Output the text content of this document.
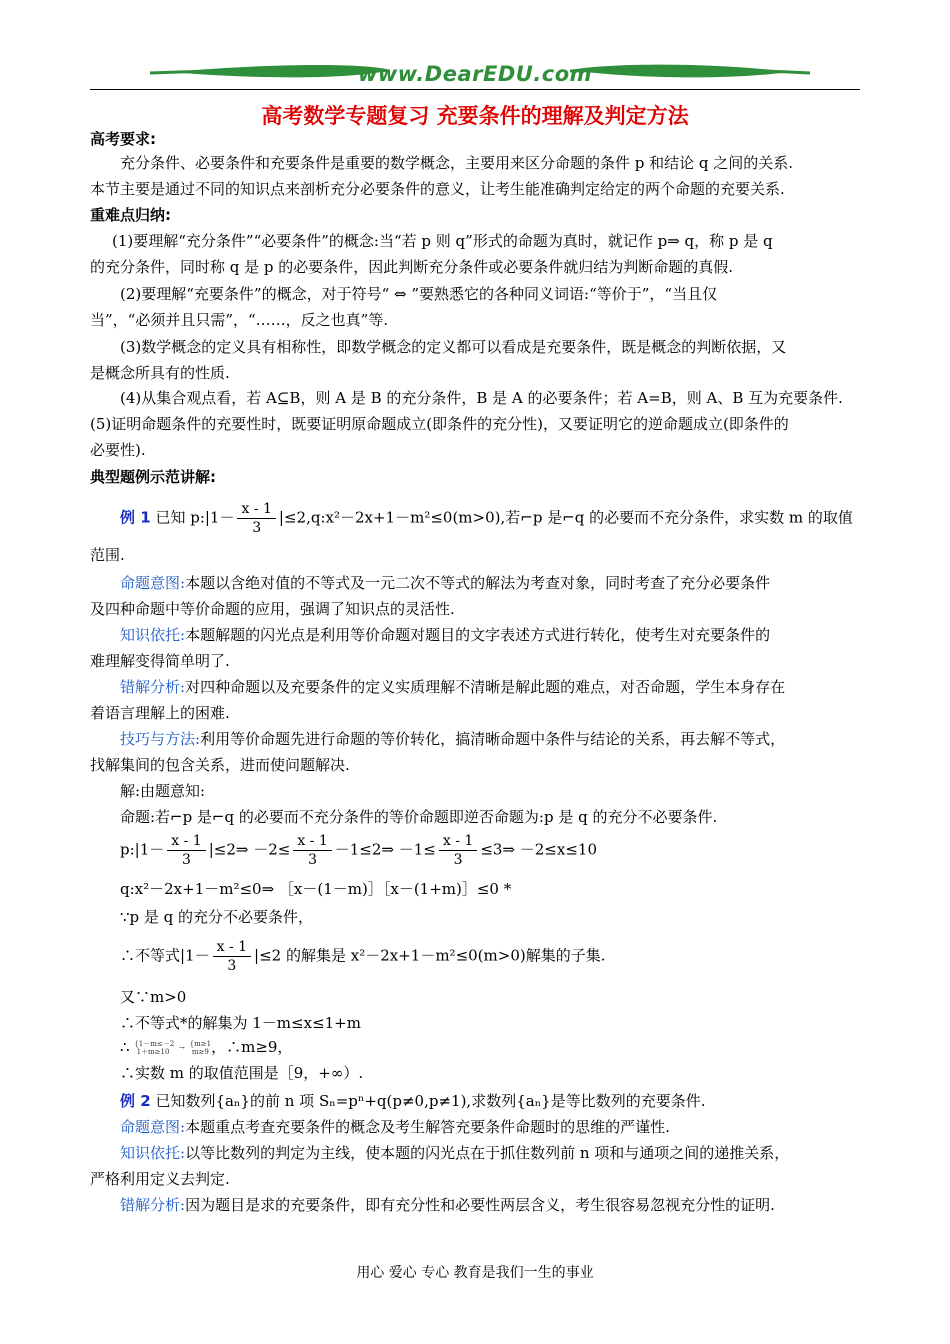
www.DearEDU.com
高考数学专题复习 充要条件的理解及判定方法
高考要求:
充分条件、必要条件和充要条件是重要的数学概念，主要用来区分命题的条件 p 和结论 q 之间的关系.
本节主要是通过不同的知识点来剖析充分必要条件的意义，让考生能准确判定给定的两个命题的充要关系.
重难点归纳:
(1)要理解“充分条件”“必要条件”的概念:当“若 p 则 q”形式的命题为真时，就记作 p⇒ q，称 p 是 q
的充分条件，同时称 q 是 p 的必要条件，因此判断充分条件或必要条件就归结为判断命题的真假.
(2)要理解“充要条件”的概念，对于符号“ ⇔ ”要熟悉它的各种同义词语:“等价于”，“当且仅
当”，“必须并且只需”，“……，反之也真”等.
(3)数学概念的定义具有相称性，即数学概念的定义都可以看成是充要条件，既是概念的判断依据，又
是概念所具有的性质.
(4)从集合观点看，若 A⊆B，则 A 是 B 的充分条件，B 是 A 的必要条件；若 A=B，则 A、B 互为充要条件.
(5)证明命题条件的充要性时，既要证明原命题成立(即条件的充分性)，又要证明它的逆命题成立(即条件的
必要性).
典型题例示范讲解:
例 1 已知 p:|1－ $\frac{x - 1}{3}$ |≤2,q:x²－2x+1－m²≤0(m>0),若⌐p 是⌐q 的必要而不充分条件，求实数 m 的取值
范围.
命题意图:本题以含绝对值的不等式及一元二次不等式的解法为考查对象，同时考查了充分必要条件
及四种命题中等价命题的应用，强调了知识点的灵活性.
知识依托:本题解题的闪光点是利用等价命题对题目的文字表述方式进行转化，使考生对充要条件的
难理解变得简单明了.
错解分析:对四种命题以及充要条件的定义实质理解不清晰是解此题的难点，对否命题，学生本身存在
着语言理解上的困难.
技巧与方法:利用等价命题先进行命题的等价转化，搞清晰命题中条件与结论的关系，再去解不等式，
找解集间的包含关系，进而使问题解决.
解:由题意知:
命题:若⌐p 是⌐q 的必要而不充分条件的等价命题即逆否命题为:p 是 q 的充分不必要条件.
p:|1－ $\frac{x - 1}{3}$ |≤2⇒ $-2\le \frac{x - 1}{3}$ －1≤2⇒ $-1\le \frac{x - 1}{3}$ ≤3⇒ －2≤x≤10
q:x²－2x+1－m²≤0⇒ ［x－(1－m)］［x－(1+m)］≤0 *
∵p 是 q 的充分不必要条件，
∴不等式$|1- \frac{x - 1}{3} |\le 2$ 的解集是 x²－2x+1－m²≤0(m>0)解集的子集.
又∵m>0
∴不等式*的解集为 1－m≤x≤1+m
∴ {1－m≤－2
1＋m≥10 → {m≥1
m≥9 ，∴m≥9，
∴实数 m 的取值范围是［9，+∞）.
例 2 已知数列{aₙ}的前 n 项 Sₙ=pⁿ+q(p≠0,p≠1),求数列{aₙ}是等比数列的充要条件.
命题意图:本题重点考查充要条件的概念及考生解答充要条件命题时的思维的严谨性.
知识依托:以等比数列的判定为主线，使本题的闪光点在于抓住数列前 n 项和与通项之间的递推关系，
严格利用定义去判定.
错解分析:因为题目是求的充要条件，即有充分性和必要性两层含义，考生很容易忽视充分性的证明.
用心 爱心 专心 教育是我们一生的事业
